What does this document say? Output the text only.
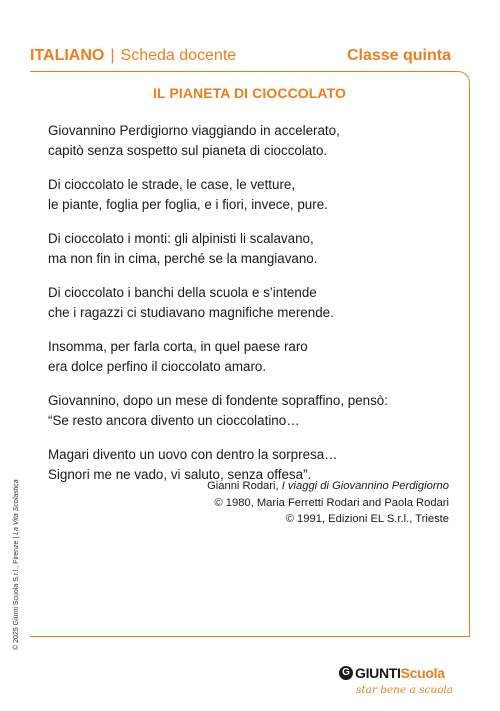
ITALIANO | Scheda docente	Classe quinta
IL PIANETA DI CIOCCOLATO
Giovannino Perdigiorno viaggiando in accelerato,
capitò senza sospetto sul pianeta di cioccolato.
Di cioccolato le strade, le case, le vetture,
le piante, foglia per foglia, e i fiori, invece, pure.
Di cioccolato i monti: gli alpinisti li scalavano,
ma non fin in cima, perché se la mangiavano.
Di cioccolato i banchi della scuola e s’intende
che i ragazzi ci studiavano magnifiche merende.
Insomma, per farla corta, in quel paese raro
era dolce perfino il cioccolato amaro.
Giovannino, dopo un mese di fondente sopraffino, pensò:
“Se resto ancora divento un cioccolatino…
Magari divento un uovo con dentro la sorpresa…
Signori me ne vado, vi saluto, senza offesa”.
Gianni Rodari, I viaggi di Giovannino Perdigiorno
© 1980, Maria Ferretti Rodari and Paola Rodari
© 1991, Edizioni EL S.r.l., Trieste
© 2025 Giunti Scuola S.r.l., Firenze | La Vita Scolastica
G GIUNTI Scuola
star bene a scuola
